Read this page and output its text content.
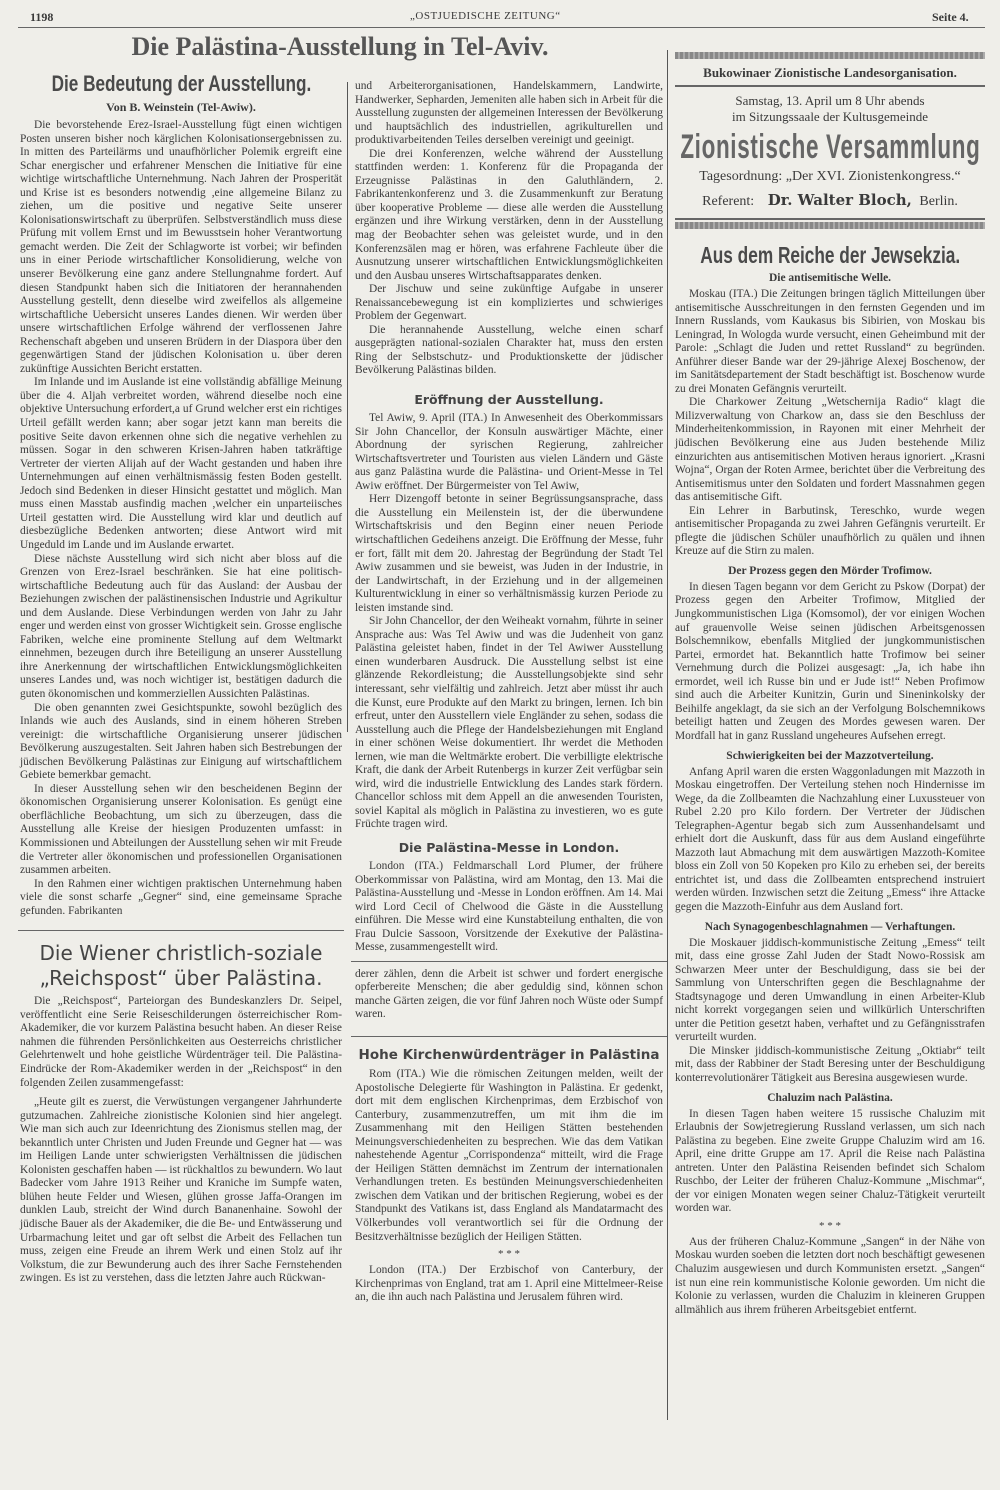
1198	„OSTJUEDISCHE ZEITUNG“	Seite 4.
Die Palästina-Ausstellung in Tel-Aviv.
Die Bedeutung der Ausstellung.
Von B. Weinstein (Tel-Awiw).

Die bevorstehende Erez-Israel-Ausstellung fügt einen wichtigen Posten unseren bisher noch kärglichen Kolonisationsergebnissen zu. In mitten des Parteilärms und unaufhörlicher Polemik ergreift eine Schar energischer und erfahrener Menschen die Initiative für eine wichtige wirtschaftliche Unternehmung. Nach Jahren der Prosperität und Krise ist es besonders notwendig ,eine allgemeine Bilanz zu ziehen, um die positive und negative Seite unserer Kolonisationswirtschaft zu überprüfen. Selbstverständlich muss diese Prüfung mit vollem Ernst und im Bewusstsein hoher Verantwortung gemacht werden. Die Zeit der Schlagworte ist vorbei; wir befinden uns in einer Periode wirtschaftlicher Konsolidierung, welche von unserer Bevölkerung eine ganz andere Stellungnahme fordert. Auf diesen Standpunkt haben sich die Initiatoren der herannahenden Ausstellung gestellt, denn dieselbe wird zweifellos als allgemeine wirtschaftliche Uebersicht unseres Landes dienen. Wir werden über unsere wirtschaftlichen Erfolge während der verflossenen Jahre Rechenschaft abgeben und unseren Brüdern in der Diaspora über den gegenwärtigen Stand der jüdischen Kolonisation u. über deren zukünftige Aussichten Bericht erstatten.

Im Inlande und im Auslande ist eine vollständig abfällige Meinung über die 4. Aljah verbreitet worden, während dieselbe noch eine objektive Untersuchung erfordert,a uf Grund welcher erst ein richtiges Urteil gefällt werden kann; aber sogar jetzt kann man bereits die positive Seite davon erkennen ohne sich die negative verhehlen zu müssen. Sogar in den schweren Krisen-Jahren haben tatkräftige Vertreter der vierten Alijah auf der Wacht gestanden und haben ihre Unternehmungen auf einen verhältnismässig festen Boden gestellt. Jedoch sind Bedenken in dieser Hinsicht gestattet und möglich. Man muss einen Masstab ausfindig machen ,welcher ein unparteiisches Urteil gestatten wird. Die Ausstellung wird klar und deutlich auf diesbezügliche Bedenken antworten; diese Antwort wird mit Ungeduld im Lande und im Auslande erwartet.

Diese nächste Ausstellung wird sich nicht aber bloss auf die Grenzen von Erez-Israel beschränken. Sie hat eine politisch-wirtschaftliche Bedeutung auch für das Ausland: der Ausbau der Beziehungen zwischen der palästinensischen Industrie und Agrikultur und dem Auslande. Diese Verbindungen werden von Jahr zu Jahr enger und werden einst von grosser Wichtigkeit sein. Grosse englische Fabriken, welche eine prominente Stellung auf dem Weltmarkt einnehmen, bezeugen durch ihre Beteiligung an unserer Ausstellung ihre Anerkennung der wirtschaftlichen Entwicklungsmöglichkeiten unseres Landes und, was noch wichtiger ist, bestätigen dadurch die guten ökonomischen und kommerziellen Aussichten Palästinas.

Die oben genannten zwei Gesichtspunkte, sowohl bezüglich des Inlands wie auch des Auslands, sind in einem höheren Streben vereinigt: die wirtschaftliche Organisierung unserer jüdischen Bevölkerung auszugestalten. Seit Jahren haben sich Bestrebungen der jüdischen Bevölkerung Palästinas zur Einigung auf wirtschaftlichem Gebiete bemerkbar gemacht.

In dieser Ausstellung sehen wir den bescheidenen Beginn der ökonomischen Organisierung unserer Kolonisation. Es genügt eine oberflächliche Beobachtung, um sich zu überzeugen, dass die Ausstellung alle Kreise der hiesigen Produzenten umfasst: in Kommissionen und Abteilungen der Ausstellung sehen wir mit Freude die Vertreter aller ökonomischen und professionellen Organisationen zusammen arbeiten.

In den Rahmen einer wichtigen praktischen Unternehmung haben viele die sonst scharfe „Gegner“ sind, eine gemeinsame Sprache gefunden. Fabrikanten

Die Wiener christlich-soziale
„Reichspost“ über Palästina.

Die „Reichspost“, Parteiorgan des Bundeskanzlers Dr. Seipel, veröffentlicht eine Serie Reiseschilderungen österreichischer Rom-Akademiker, die vor kurzem Palästina besucht haben. An dieser Reise nahmen die führenden Persönlichkeiten aus Oesterreichs christlicher Gelehrtenwelt und hohe geistliche Würdenträger teil. Die Palästina-Eindrücke der Rom-Akademiker werden in der „Reichspost“ in den folgenden Zeilen zusammengefasst:

„Heute gilt es zuerst, die Verwüstungen vergangener Jahrhunderte gutzumachen. Zahlreiche zionistische Kolonien sind hier angelegt. Wie man sich auch zur Ideenrichtung des Zionismus stellen mag, der bekanntlich unter Christen und Juden Freunde und Gegner hat — was im Heiligen Lande unter schwierigsten Verhältnissen die jüdischen Kolonisten geschaffen haben — ist rückhaltlos zu bewundern. Wo laut Badecker vom Jahre 1913 Reiher und Kraniche im Sumpfe waten, blühen heute Felder und Wiesen, glühen grosse Jaffa-Orangen im dunklen Laub, streicht der Wind durch Bananenhaine. Sowohl der jüdische Bauer als der Akademiker, die die Be- und Entwässerung und Urbarmachung leitet und gar oft selbst die Arbeit des Fellachen tun muss, zeigen eine Freude an ihrem Werk und einen Stolz auf ihr Volkstum, die zur Bewunderung auch des ihrer Sache Fernstehenden zwingen. Es ist zu verstehen, dass die letzten Jahre auch Rückwan-

und Arbeiterorganisationen, Handelskammern, Landwirte, Handwerker, Sepharden, Jemeniten alle haben sich in Arbeit für die Ausstellung zugunsten der allgemeinen Interessen der Bevölkerung und hauptsächlich des industriellen, agrikulturellen und produktivarbeitenden Teiles derselben vereinigt und geeinigt.

Die drei Konferenzen, welche während der Ausstellung stattfinden werden: 1. Konferenz für die Propaganda der Erzeugnisse Palästinas in den Galuthländern, 2. Fabrikantenkonferenz und 3. die Zusammenkunft zur Beratung über kooperative Probleme — diese alle werden die Ausstellung ergänzen und ihre Wirkung verstärken, denn in der Ausstellung mag der Beobachter sehen was geleistet wurde, und in den Konferenzsälen mag er hören, was erfahrene Fachleute über die Ausnutzung unserer wirtschaftlichen Entwicklungsmöglichkeiten und den Ausbau unseres Wirtschaftsapparates denken.

Der Jischuw und seine zukünftige Aufgabe in unserer Renaissancebewegung ist ein kompliziertes und schwieriges Problem der Gegenwart.

Die herannahende Ausstellung, welche einen scharf ausgeprägten national-sozialen Charakter hat, muss den ersten Ring der Selbstschutz- und Produktionskette der jüdischer Bevölkerung Palästinas bilden.

Eröffnung der Ausstellung.

Tel Awiw, 9. April (ITA.) In Anwesenheit des Oberkommissars Sir John Chancellor, der Konsuln auswärtiger Mächte, einer Abordnung der syrischen Regierung, zahlreicher Wirtschaftsvertreter und Touristen aus vielen Ländern und Gäste aus ganz Palästina wurde die Palästina- und Orient-Messe in Tel Awiw eröffnet. Der Bürgermeister von Tel Awiw,

Herr Dizengoff betonte in seiner Begrüssungsansprache, dass die Ausstellung ein Meilenstein ist, der die überwundene Wirtschaftskrisis und den Beginn einer neuen Periode wirtschaftlichen Gedeihens anzeigt. Die Eröffnung der Messe, fuhr er fort, fällt mit dem 20. Jahrestag der Begründung der Stadt Tel Awiw zusammen und sie beweist, was Juden in der Industrie, in der Landwirtschaft, in der Erziehung und in der allgemeinen Kulturentwicklung in einer so verhältnismässig kurzen Periode zu leisten imstande sind.

Sir John Chancellor, der den Weiheakt vornahm, führte in seiner Ansprache aus: Was Tel Awiw und was die Judenheit von ganz Palästina geleistet haben, findet in der Tel Awiwer Ausstellung einen wunderbaren Ausdruck. Die Ausstellung selbst ist eine glänzende Rekordleistung; die Ausstellungsobjekte sind sehr interessant, sehr vielfältig und zahlreich. Jetzt aber müsst ihr auch die Kunst, eure Produkte auf den Markt zu bringen, lernen. Ich bin erfreut, unter den Ausstellern viele Engländer zu sehen, sodass die Ausstellung auch die Pflege der Handelsbeziehungen mit England in einer schönen Weise dokumentiert. Ihr werdet die Methoden lernen, wie man die Weltmärkte erobert. Die verbilligte elektrische Kraft, die dank der Arbeit Rutenbergs in kurzer Zeit verfügbar sein wird, wird die industrielle Entwicklung des Landes stark fördern. Chancellor schloss mit dem Appell an die anwesenden Touristen, soviel Kapital als möglich in Palästina zu investieren, wo es gute Früchte tragen wird.

Die Palästina-Messe in London.

London (ITA.) Feldmarschall Lord Plumer, der frühere Oberkommissar von Palästina, wird am Montag, den 13. Mai die Palästina-Ausstellung und -Messe in London eröffnen. Am 14. Mai wird Lord Cecil of Chelwood die Gäste in die Ausstellung einführen. Die Messe wird eine Kunstabteilung enthalten, die von Frau Dulcie Sassoon, Vorsitzende der Exekutive der Palästina-Messe, zusammengestellt wird.

derer zählen, denn die Arbeit ist schwer und fordert energische opferbereite Menschen; die aber geduldig sind, können schon manche Gärten zeigen, die vor fünf Jahren noch Wüste oder Sumpf waren.

Hohe Kirchenwürdenträger in Palästina

Rom (ITA.) Wie die römischen Zeitungen melden, weilt der Apostolische Delegierte für Washington in Palästina. Er gedenkt, dort mit dem englischen Kirchenprimas, dem Erzbischof von Canterbury, zusammenzutreffen, um mit ihm die im Zusammenhang mit den Heiligen Stätten bestehenden Meinungsverschiedenheiten zu besprechen. Wie das dem Vatikan nahestehende Agentur „Corrispondenza“ mitteilt, wird die Frage der Heiligen Stätten demnächst im Zentrum der internationalen Verhandlungen treten. Es bestünden Meinungsverschiedenheiten zwischen dem Vatikan und der britischen Regierung, wobei es der Standpunkt des Vatikans ist, dass England als Mandatarmacht des Völkerbundes voll verantwortlich sei für die Ordnung der Besitzverhältnisse bezüglich der Heiligen Stätten.

* * *

London (ITA.) Der Erzbischof von Canterbury, der Kirchenprimas von England, trat am 1. April eine Mittelmeer-Reise an, die ihn auch nach Palästina und Jerusalem führen wird.

Bukowinaer Zionistische Landesorganisation.
Samstag, 13. April um 8 Uhr abends
im Sitzungssaale der Kultusgemeinde
Zionistische Versammlung
Tagesordnung: „Der XVI. Zionistenkongress.“
Referent: Dr. Walter Bloch, Berlin.
Aus dem Reiche der Jewsekzia.
Die antisemitische Welle.

Moskau (ITA.) Die Zeitungen bringen täglich Mitteilungen über antisemitische Ausschreitungen in den fernsten Gegenden und im Innern Russlands, vom Kaukasus bis Sibirien, von Moskau bis Leningrad, In Wologda wurde versucht, einen Geheimbund mit der Parole: „Schlagt die Juden und rettet Russland“ zu begründen. Anführer dieser Bande war der 29-jährige Alexej Boschenow, der im Sanitätsdepartement der Stadt beschäftigt ist. Boschenow wurde zu drei Monaten Gefängnis verurteilt.

Die Charkower Zeitung „Wetschernija Radio“ klagt die Milizverwaltung von Charkow an, dass sie den Beschluss der Minderheitenkommission, in Rayonen mit einer Mehrheit der jüdischen Bevölkerung eine aus Juden bestehende Miliz einzurichten aus antisemitischen Motiven heraus ignoriert. „Krasni Wojna“, Organ der Roten Armee, berichtet über die Verbreitung des Antisemitismus unter den Soldaten und fordert Massnahmen gegen das antisemitische Gift.

Ein Lehrer in Barbutinsk, Tereschko, wurde wegen antisemitischer Propaganda zu zwei Jahren Gefängnis verurteilt. Er pflegte die jüdischen Schüler unaufhörlich zu quälen und ihnen Kreuze auf die Stirn zu malen.

Der Prozess gegen den Mörder Trofimow.

In diesen Tagen begann vor dem Gericht zu Pskow (Dorpat) der Prozess gegen den Arbeiter Trofimow, Mitglied der Jungkommunistischen Liga (Komsomol), der vor einigen Wochen auf grauenvolle Weise seinen jüdischen Arbeitsgenossen Bolschemnikow, ebenfalls Mitglied der jungkommunistischen Partei, ermordet hat. Bekanntlich hatte Trofimow bei seiner Vernehmung durch die Polizei ausgesagt: „Ja, ich habe ihn ermordet, weil ich Russe bin und er Jude ist!“ Neben Profimow sind auch die Arbeiter Kunitzin, Gurin und Sineninkolsky der Beihilfe angeklagt, da sie sich an der Verfolgung Bolschemnikows beteiligt hatten und Zeugen des Mordes gewesen waren. Der Mordfall hat in ganz Russland ungeheures Aufsehen erregt.

Schwierigkeiten bei der Mazzotverteilung.

Anfang April waren die ersten Waggonladungen mit Mazzoth in Moskau eingetroffen. Der Verteilung stehen noch Hindernisse im Wege, da die Zollbeamten die Nachzahlung einer Luxussteuer von Rubel 2.20 pro Kilo fordern. Der Vertreter der Jüdischen Telegraphen-Agentur begab sich zum Aussenhandelsamt und erhielt dort die Auskunft, dass für aus dem Ausland eingeführte Mazzoth laut Abmachung mit dem auswärtigen Mazzoth-Komitee bloss ein Zoll von 50 Kopeken pro Kilo zu erheben sei, der bereits entrichtet ist, und dass die Zollbeamten entsprechend instruiert werden würden. Inzwischen setzt die Zeitung „Emess“ ihre Attacke gegen die Mazzoth-Einfuhr aus dem Ausland fort.

Nach Synagogenbeschlagnahmen — Verhaftungen.

Die Moskauer jiddisch-kommunistische Zeitung „Emess“ teilt mit, dass eine grosse Zahl Juden der Stadt Nowo-Rossisk am Schwarzen Meer unter der Beschuldigung, dass sie bei der Sammlung von Unterschriften gegen die Beschlagnahme der Stadtsynagoge und deren Umwandlung in einen Arbeiter-Klub nicht korrekt vorgegangen seien und willkürlich Unterschriften unter die Petition gesetzt haben, verhaftet und zu Gefängnisstrafen verurteilt wurden.

Die Minsker jiddisch-kommunistische Zeitung „Oktiabr“ teilt mit, dass der Rabbiner der Stadt Beresing unter der Beschuldigung konterrevolutionärer Tätigkeit aus Beresina ausgewiesen wurde.

Chaluzim nach Palästina.

In diesen Tagen haben weitere 15 russische Chaluzim mit Erlaubnis der Sowjetregierung Russland verlassen, um sich nach Palästina zu begeben. Eine zweite Gruppe Chaluzim wird am 16. April, eine dritte Gruppe am 17. April die Reise nach Palästina antreten. Unter den Palästina Reisenden befindet sich Schalom Ruschbo, der Leiter der früheren Chaluz-Kommune „Mischmar“, der vor einigen Monaten wegen seiner Chaluz-Tätigkeit verurteilt worden war.

* * *

Aus der früheren Chaluz-Kommune „Sangen“ in der Nähe von Moskau wurden soeben die letzten dort noch beschäftigt gewesenen Chaluzim ausgewiesen und durch Kommunisten ersetzt. „Sangen“ ist nun eine rein kommunistische Kolonie geworden. Um nicht die Kolonie zu verlassen, wurden die Chaluzim in kleineren Gruppen allmählich aus ihrem früheren Arbeitsgebiet entfernt.
